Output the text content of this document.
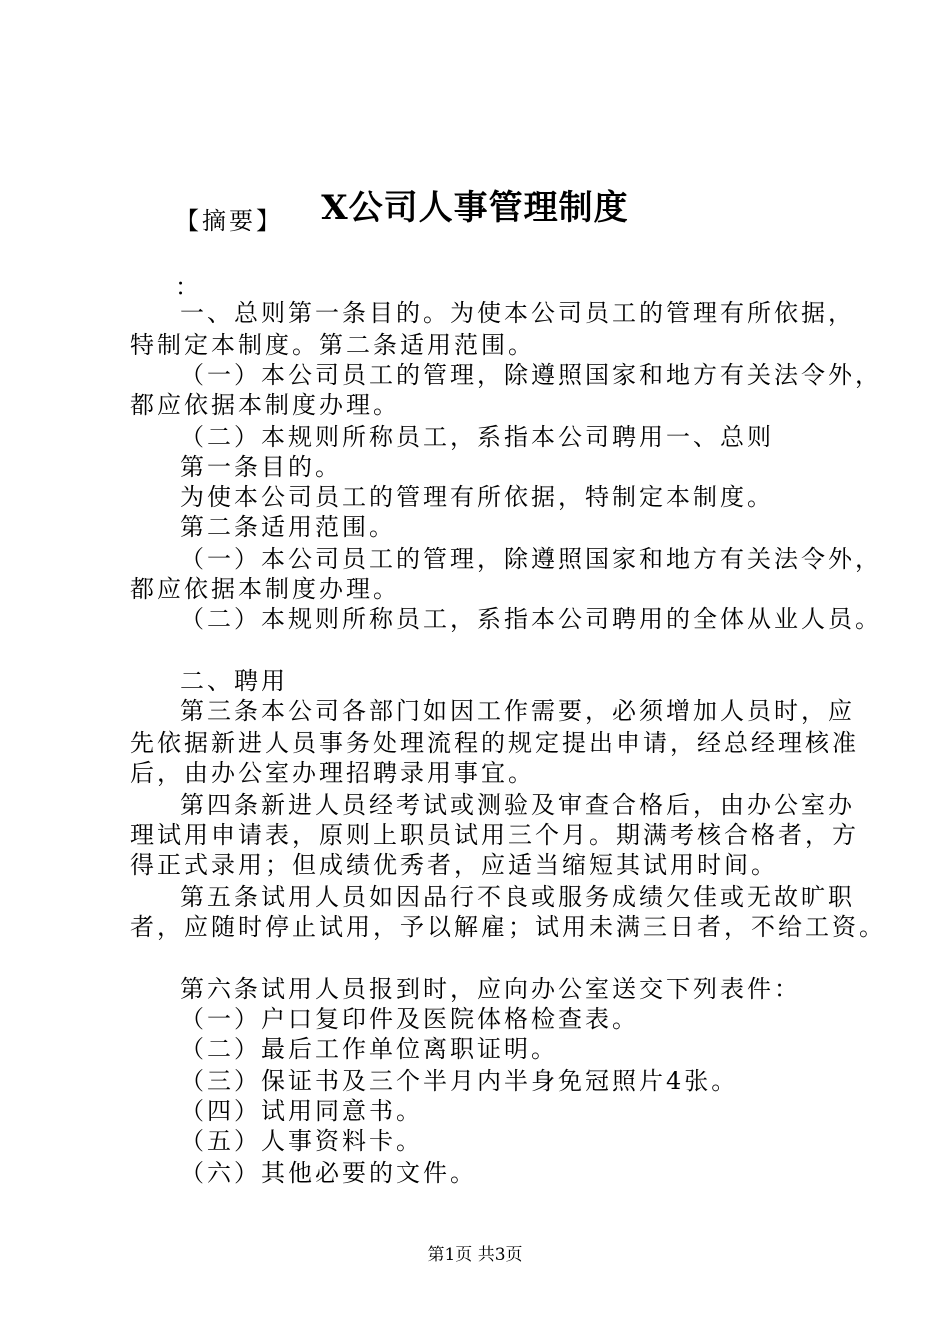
X公司人事管理制度
【摘要】
：
一、总则第一条目的。为使本公司员工的管理有所依据，
特制定本制度。第二条适用范围。
（一）本公司员工的管理，除遵照国家和地方有关法令外，
都应依据本制度办理。
（二）本规则所称员工，系指本公司聘用一、总则
第一条目的。
为使本公司员工的管理有所依据，特制定本制度。
第二条适用范围。
（一）本公司员工的管理，除遵照国家和地方有关法令外，
都应依据本制度办理。
（二）本规则所称员工，系指本公司聘用的全体从业人员。
二、聘用
第三条本公司各部门如因工作需要，必须增加人员时，应
先依据新进人员事务处理流程的规定提出申请，经总经理核准
后，由办公室办理招聘录用事宜。
第四条新进人员经考试或测验及审查合格后，由办公室办
理试用申请表，原则上职员试用三个月。期满考核合格者，方
得正式录用；但成绩优秀者，应适当缩短其试用时间。
第五条试用人员如因品行不良或服务成绩欠佳或无故旷职
者，应随时停止试用，予以解雇；试用未满三日者，不给工资。
第六条试用人员报到时，应向办公室送交下列表件：
（一）户口复印件及医院体格检查表。
（二）最后工作单位离职证明。
（三）保证书及三个半月内半身免冠照片4张。
（四）试用同意书。
（五）人事资料卡。
（六）其他必要的文件。
第1页 共3页
